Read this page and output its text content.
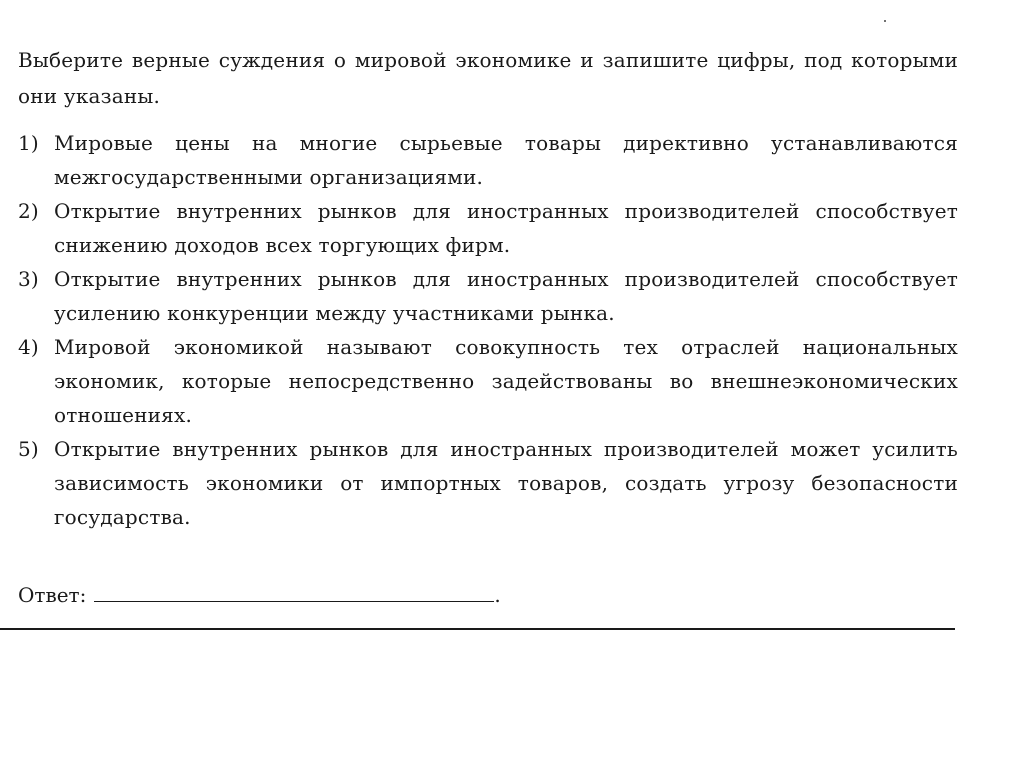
Выберите верные суждения о мировой экономике и запишите цифры, под которыми они указаны.
1) Мировые цены на многие сырьевые товары директивно устанавливаются межгосударственными организациями.
2) Открытие внутренних рынков для иностранных производителей способствует снижению доходов всех торгующих фирм.
3) Открытие внутренних рынков для иностранных производителей способствует усилению конкуренции между участниками рынка.
4) Мировой экономикой называют совокупность тех отраслей национальных экономик, которые непосредственно задействованы во внешнеэкономических отношениях.
5) Открытие внутренних рынков для иностранных производителей может усилить зависимость экономики от импортных товаров, создать угрозу безопасности государства.
Ответ:	.
